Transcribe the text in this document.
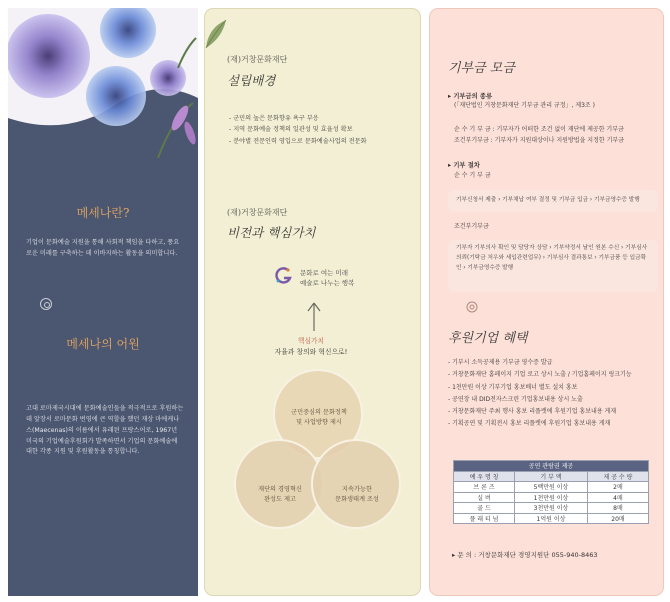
메세나란?
기업이 문화예술 지원을 통해 사회적 책임을 다하고, 풍요로운 미래를 구축하는 데 이바지하는 활동을 의미합니다.
메세나의 어원
고대 로마제국시대에 문화예술인들을 적극적으로 후원하는 데 앞장서 로마문화 번영에 큰 역할을 했던 재상 마에케나스(Maecenas)의 이름에서 유래된 프랑스어로, 1967년 미국의 기업예술후원회가 발족하면서 기업의 문화예술에 대한 각종 지원 및 후원활동을 통칭합니다.
(재)거창문화재단
설립배경
- 군민의 높은 문화향유 욕구 부응
- 지역 문화예술 정책의 일관성 및 효율성 확보
- 분야별 전문인력 영입으로 문화예술사업의 전문화
(재)거창문화재단
비전과 핵심가치
문화로 여는 미래
예술로 나누는 행복
핵심가치
자율과 창의와 혁신으로!
군민중심의 문화정책
및 사업방향 제시
재단의 경영혁신
완성도 제고
지속가능한
문화생태계 조성
기부금 모금
▸ 기부금의 종류
(「재단법인 거창문화재단 기부금 관리 규정」, 제3조 )
순 수 기 부 금 : 기부자가 어떠한 조건 없이 재단에 제공한 기부금
조건부기부금 : 기부자가 지원대상이나 지원방법을 지정한 기부금
▸ 기부 절차
순 수 기 부 금
기부신청서 제출 › 기부채납 여부 결정 및 기부금 입금 › 기부금영수증 발행
조건부기부금
기부자 기부의사 확인 및 담당자 상담 › 기부약정서 날인 원본 수신 › 기부심사의뢰(기탁금 처우와 세입관련업무) › 기부심사 결과통보 › 기부금품 등 입금확인 › 기부금영수증 발행
후원기업 혜택
- 기부시 소득공제용 기부금 영수증 발급
- 거창문화재단 홈페이지 기업 로고 상시 노출 / 기업홈페이지 링크기능
- 1천만원 이상 기부기업 홍보배너 별도 설치 홍보
- 공연장 내 DID전자스크린 기업홍보내용 상시 노출
- 거창문화재단 주최 행사 홍보 리플렛에 후원기업 홍보내용 게재
- 기획공연 및 기획전시 홍보 리플렛에 후원기업 홍보내용 게재
공연 관람권 제공		
예 우 명 칭	기 부 액	제 공 수 량
브 론 즈	5백만원 이상	2매
실 버	1천만원 이상	4매
골 드	3천만원 이상	8매
플 래 티 넘	1억원 이상	20매
▸ 문 의 : 거창문화재단 경영지원단 055-940-8463
